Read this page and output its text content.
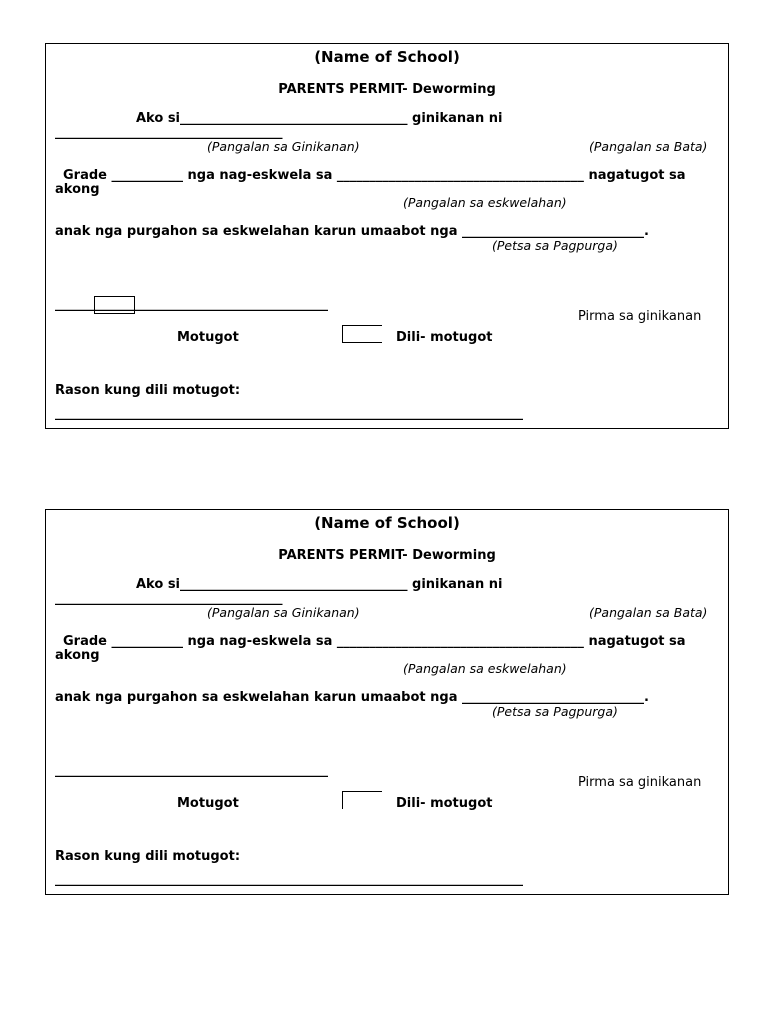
(Name of School)
PARENTS PERMIT- Deworming
Ako si___________________________________ ginikanan ni
___________________________________
(Pangalan sa Ginikanan)	(Pangalan sa Bata)
Grade ___________ nga nag-eskwela sa ______________________________________ nagatugot sa
akong
(Pangalan sa eskwelahan)
anak nga purgahon sa eskwelahan karun umaabot nga ____________________________.
(Petsa sa Pagpurga)
__________________________________________
Pirma sa ginikanan
Motugot	Dili- motugot
Rason kung dili motugot:
________________________________________________________________________
(Name of School)
PARENTS PERMIT- Deworming
Ako si___________________________________ ginikanan ni
___________________________________
(Pangalan sa Ginikanan)	(Pangalan sa Bata)
Grade ___________ nga nag-eskwela sa ______________________________________ nagatugot sa
akong
(Pangalan sa eskwelahan)
anak nga purgahon sa eskwelahan karun umaabot nga ____________________________.
(Petsa sa Pagpurga)
__________________________________________
Pirma sa ginikanan
Motugot	Dili- motugot
Rason kung dili motugot:
________________________________________________________________________
